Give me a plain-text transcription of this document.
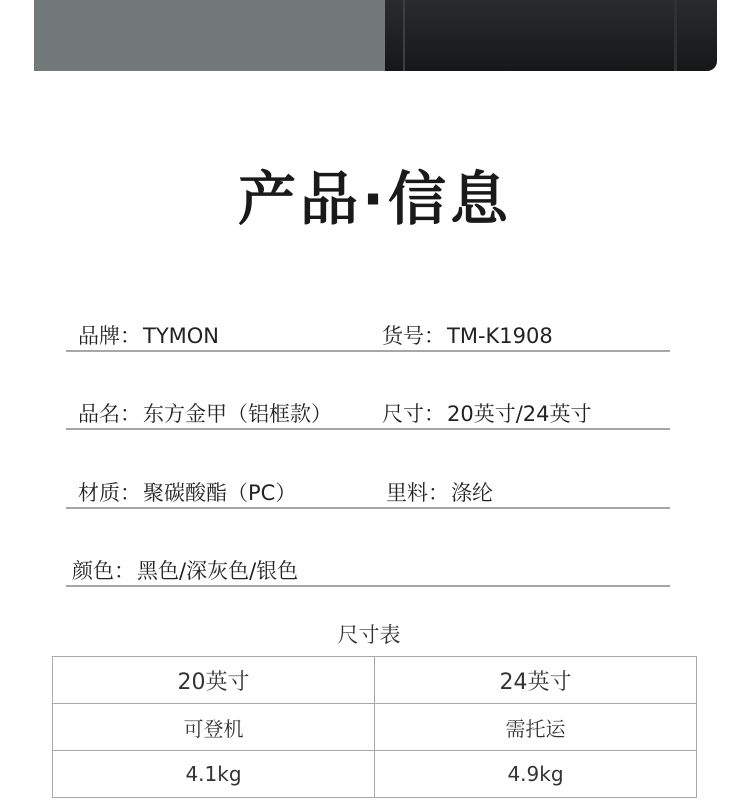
产品·信息
品牌：TYMON	货号：TM-K1908
品名：东方金甲（铝框款） 尺寸：20英寸/24英寸
材质：聚碳酸酯（PC）	里料：涤纶
颜色：黑色/深灰色/银色
尺寸表
20英寸	24英寸
可登机	需托运
4.1kg	4.9kg
